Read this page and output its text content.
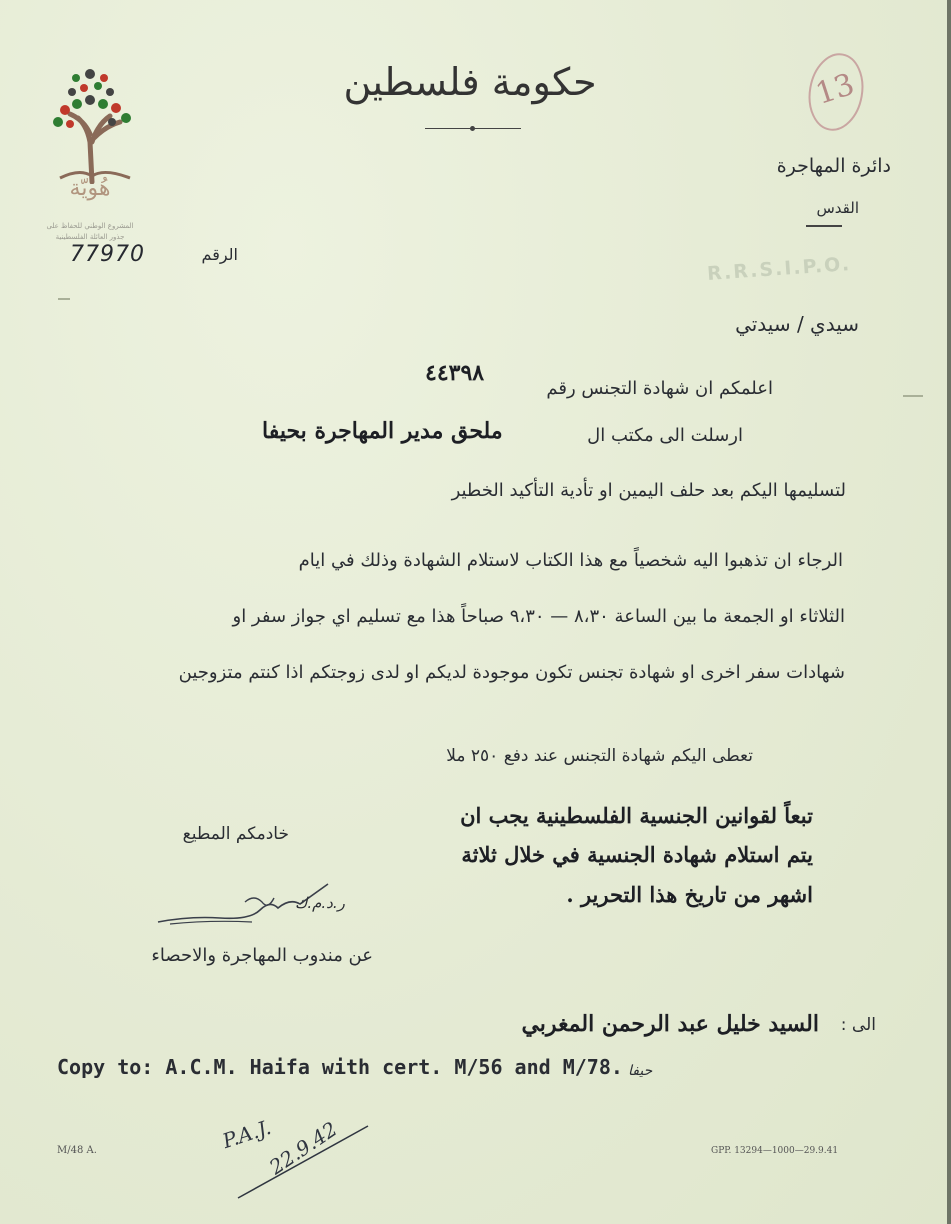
هُويّة
المشروع الوطني للحفاظ على
جذور العائلة الفلسطينية
حكومة فلسطين	13
دائرة المهاجرة
القدس
R.R.S.I.P.O.
الرقم
77970
سيدي / سيدتي
٤٤٣٩٨
اعلمكم ان شهادة التجنس رقم
ملحق مدير المهاجرة بحيفا	ارسلت الى مكتب ال
لتسليمها اليكم بعد حلف اليمين او تأدية التأكيد الخطير
الرجاء ان تذهبوا اليه شخصياً مع هذا الكتاب لاستلام الشهادة وذلك في ايام
الثلاثاء او الجمعة ما بين الساعة ٨،٣٠ — ٩،٣٠ صباحاً هذا مع تسليم اي جواز سفر او
شهادات سفر اخرى او شهادة تجنس تكون موجودة لديكم او لدى زوجتكم اذا كنتم متزوجين
تعطى اليكم شهادة التجنس عند دفع ٢٥٠ ملا
تبعاً لقوانين الجنسية الفلسطينية يجب ان
يتم استلام شهادة الجنسية في خلال ثلاثة
اشهر من تاريخ هذا التحرير .
خادمكم المطيع
ر.د.م.ك
عن مندوب المهاجرة والاحصاء
الى :
السيد خليل عبد الرحمن المغربي
Copy to: A.C.M. Haifa with cert. M/56 and M/78. حيفا
P.A.J.
22.9.42
M/48 A.	GPP. 13294—1000—29.9.41
